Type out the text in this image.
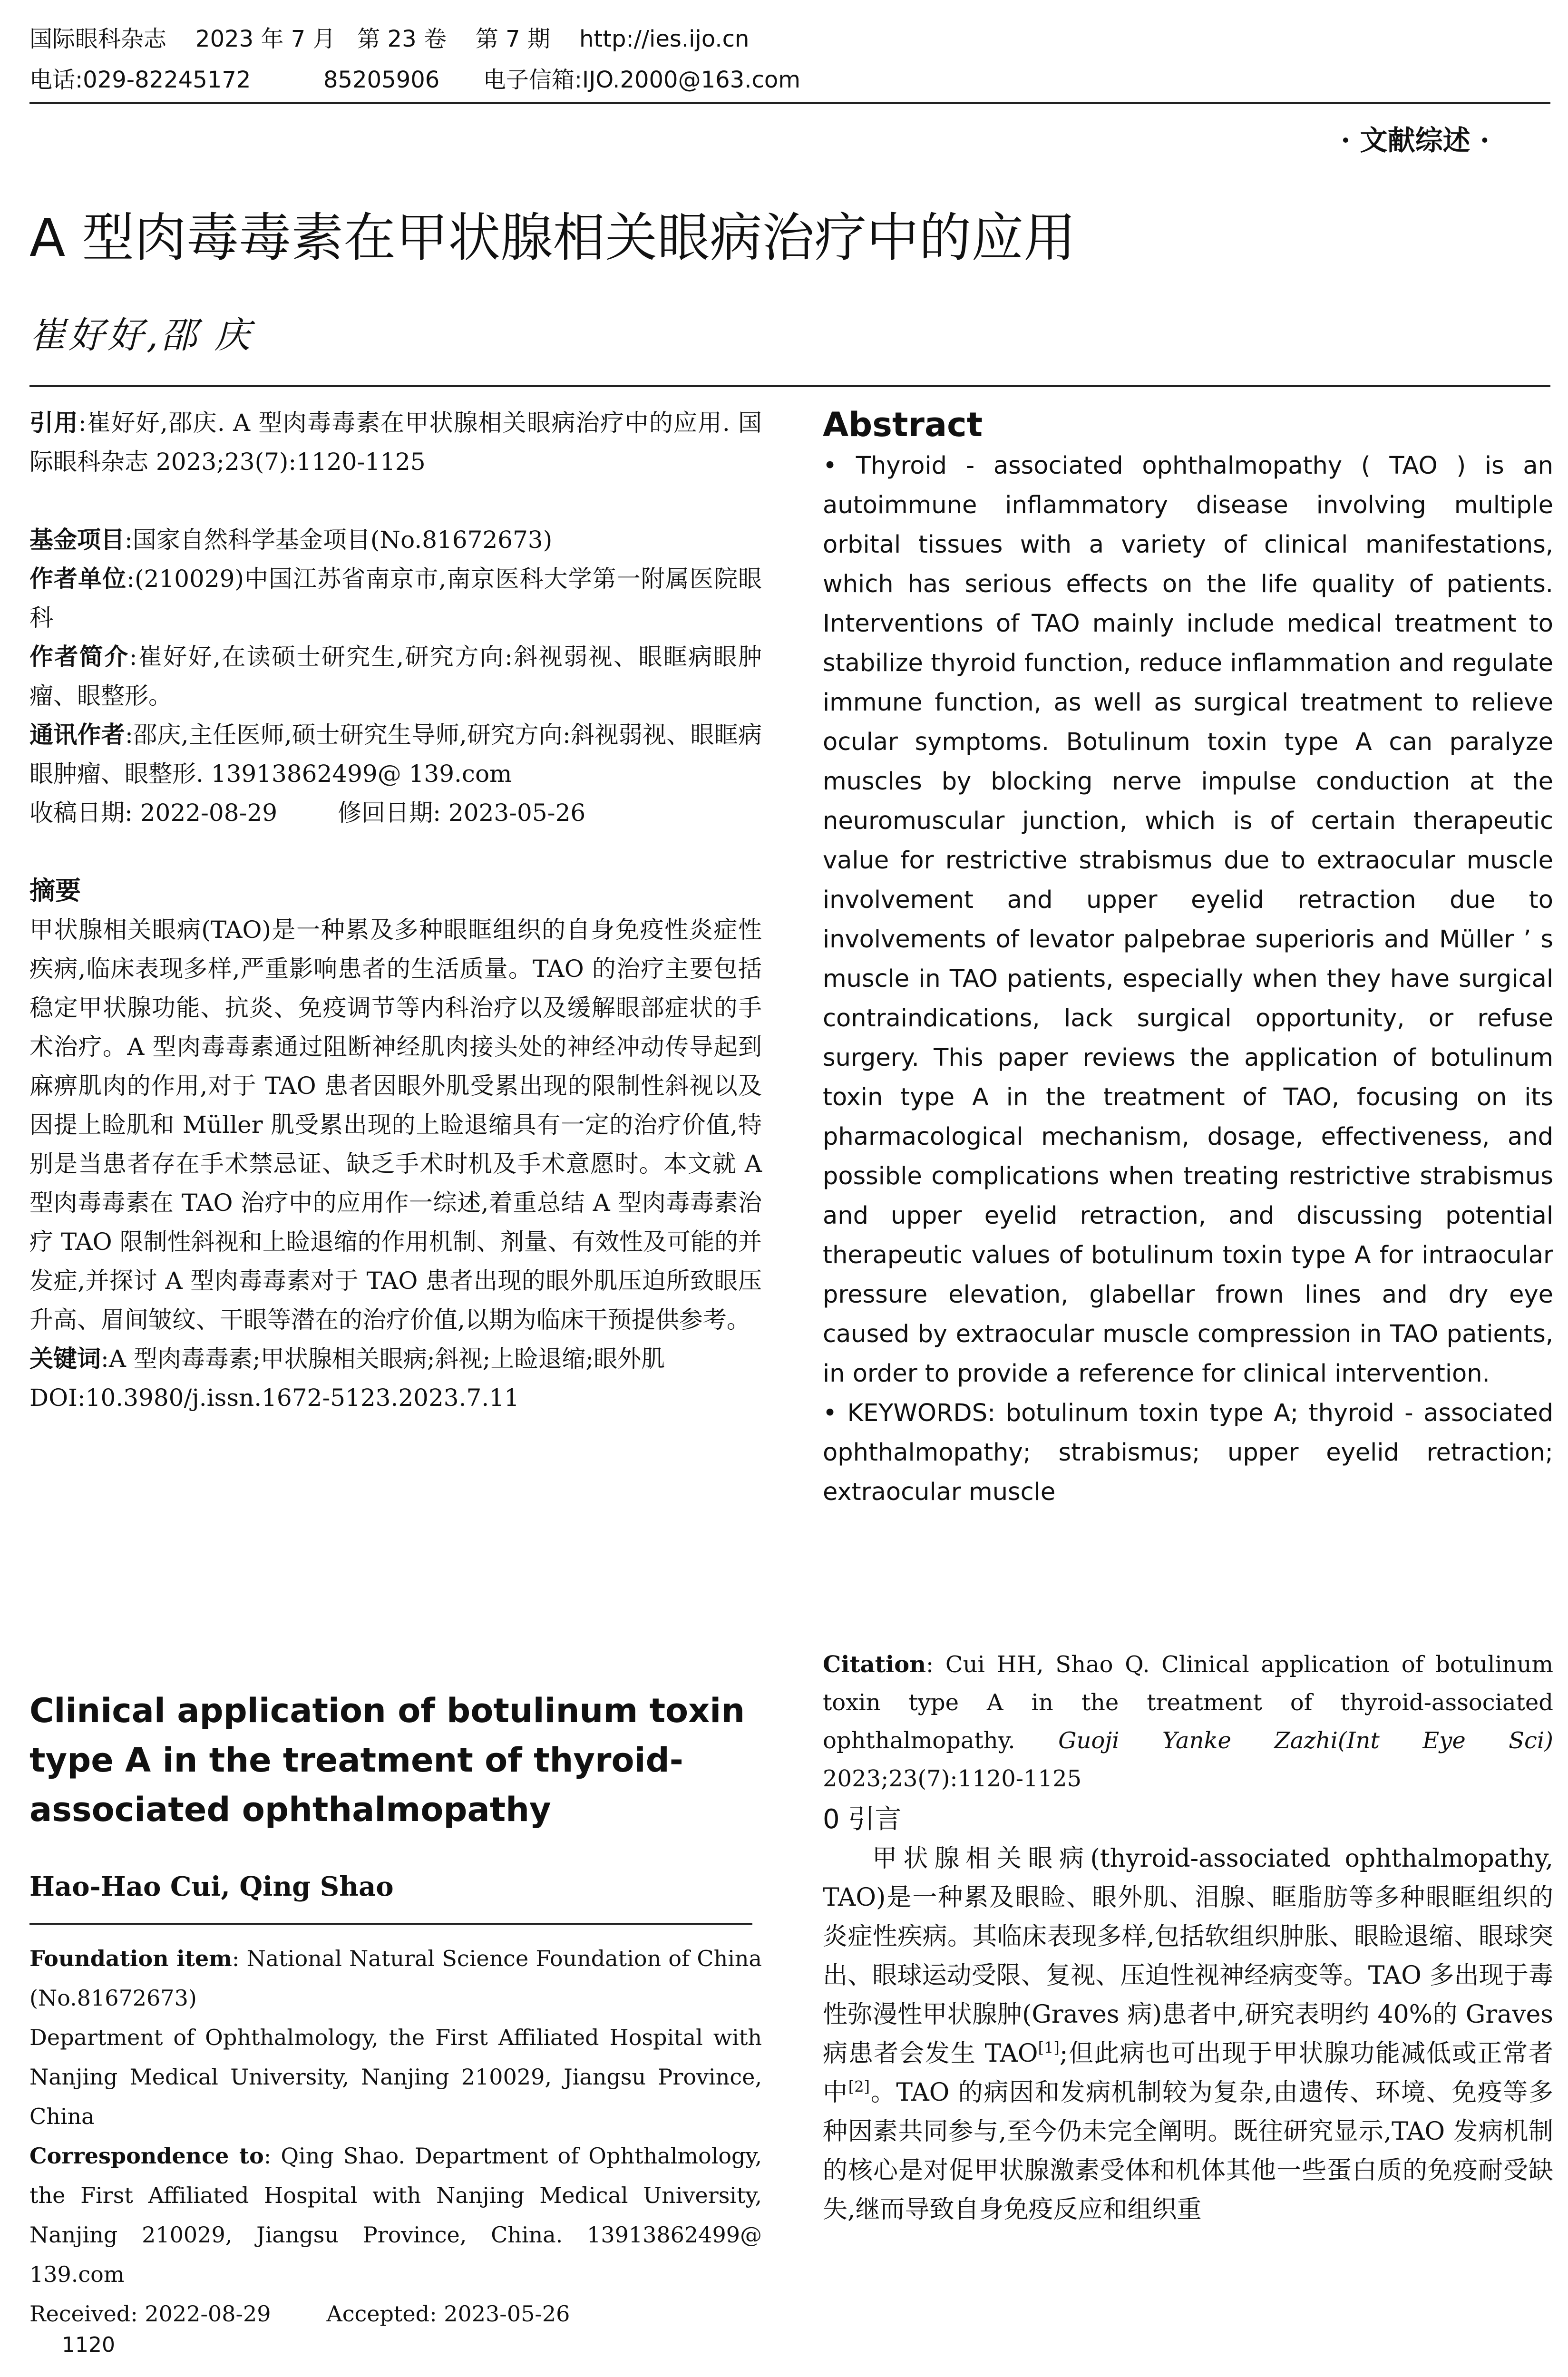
国际眼科杂志    2023 年 7 月   第 23 卷    第 7 期    http://ies.ijo.cn
电话:029-82245172          85205906      电子信箱:IJO.2000@163.com
· 文献综述 ·
A 型肉毒毒素在甲状腺相关眼病治疗中的应用
崔好好,邵 庆

引用:崔好好,邵庆. A 型肉毒毒素在甲状腺相关眼病治疗中的应用. 国际眼科杂志 2023;23(7):1120-1125

基金项目:国家自然科学基金项目(No.81672673)

作者单位:(210029)中国江苏省南京市,南京医科大学第一附属医院眼科

作者简介:崔好好,在读硕士研究生,研究方向:斜视弱视、眼眶病眼肿瘤、眼整形。

通讯作者:邵庆,主任医师,硕士研究生导师,研究方向:斜视弱视、眼眶病眼肿瘤、眼整形. 13913862499@ 139.com

收稿日期: 2022-08-29        修回日期: 2023-05-26

摘要

甲状腺相关眼病(TAO)是一种累及多种眼眶组织的自身免疫性炎症性疾病,临床表现多样,严重影响患者的生活质量。TAO 的治疗主要包括稳定甲状腺功能、抗炎、免疫调节等内科治疗以及缓解眼部症状的手术治疗。A 型肉毒毒素通过阻断神经肌肉接头处的神经冲动传导起到麻痹肌肉的作用,对于 TAO 患者因眼外肌受累出现的限制性斜视以及因提上睑肌和 Müller 肌受累出现的上睑退缩具有一定的治疗价值,特别是当患者存在手术禁忌证、缺乏手术时机及手术意愿时。本文就 A 型肉毒毒素在 TAO 治疗中的应用作一综述,着重总结 A 型肉毒毒素治疗 TAO 限制性斜视和上睑退缩的作用机制、剂量、有效性及可能的并发症,并探讨 A 型肉毒毒素对于 TAO 患者出现的眼外肌压迫所致眼压升高、眉间皱纹、干眼等潜在的治疗价值,以期为临床干预提供参考。

关键词:A 型肉毒毒素;甲状腺相关眼病;斜视;上睑退缩;眼外肌

DOI:10.3980/j.issn.1672-5123.2023.7.11

Clinical application of botulinum toxin type A in the treatment of thyroid-associated ophthalmopathy
Hao-Hao Cui, Qing Shao

Foundation item: National Natural Science Foundation of China (No.81672673)

Department of Ophthalmology, the First Affiliated Hospital with Nanjing Medical University, Nanjing 210029, Jiangsu Province, China

Correspondence to: Qing Shao. Department of Ophthalmology, the First Affiliated Hospital with Nanjing Medical University, Nanjing 210029, Jiangsu Province, China. 13913862499@ 139.com

Received: 2022-08-29        Accepted: 2023-05-26

Abstract

• Thyroid - associated ophthalmopathy ( TAO ) is an autoimmune inflammatory disease involving multiple orbital tissues with a variety of clinical manifestations, which has serious effects on the life quality of patients. Interventions of TAO mainly include medical treatment to stabilize thyroid function, reduce inflammation and regulate immune function, as well as surgical treatment to relieve ocular symptoms. Botulinum toxin type A can paralyze muscles by blocking nerve impulse conduction at the neuromuscular junction, which is of certain therapeutic value for restrictive strabismus due to extraocular muscle involvement and upper eyelid retraction due to involvements of levator palpebrae superioris and Müller ’ s muscle in TAO patients, especially when they have surgical contraindications, lack surgical opportunity, or refuse surgery. This paper reviews the application of botulinum toxin type A in the treatment of TAO, focusing on its pharmacological mechanism, dosage, effectiveness, and possible complications when treating restrictive strabismus and upper eyelid retraction, and discussing potential therapeutic values of botulinum toxin type A for intraocular pressure elevation, glabellar frown lines and dry eye caused by extraocular muscle compression in TAO patients, in order to provide a reference for clinical intervention.

• KEYWORDS: botulinum toxin type A; thyroid - associated ophthalmopathy; strabismus; upper eyelid retraction; extraocular muscle

Citation: Cui HH, Shao Q. Clinical application of botulinum toxin type A in the treatment of thyroid-associated ophthalmopathy. Guoji Yanke Zazhi(Int Eye Sci) 2023;23(7):1120-1125
0 引言

甲状腺相关眼病(thyroid-associated ophthalmopathy, TAO)是一种累及眼睑、眼外肌、泪腺、眶脂肪等多种眼眶组织的炎症性疾病。其临床表现多样,包括软组织肿胀、眼睑退缩、眼球突出、眼球运动受限、复视、压迫性视神经病变等。TAO 多出现于毒性弥漫性甲状腺肿(Graves 病)患者中,研究表明约 40%的 Graves 病患者会发生 TAO[1];但此病也可出现于甲状腺功能减低或正常者中[2]。TAO 的病因和发病机制较为复杂,由遗传、环境、免疫等多种因素共同参与,至今仍未完全阐明。既往研究显示,TAO 发病机制的核心是对促甲状腺激素受体和机体其他一些蛋白质的免疫耐受缺失,继而导致自身免疫反应和组织重

1120
